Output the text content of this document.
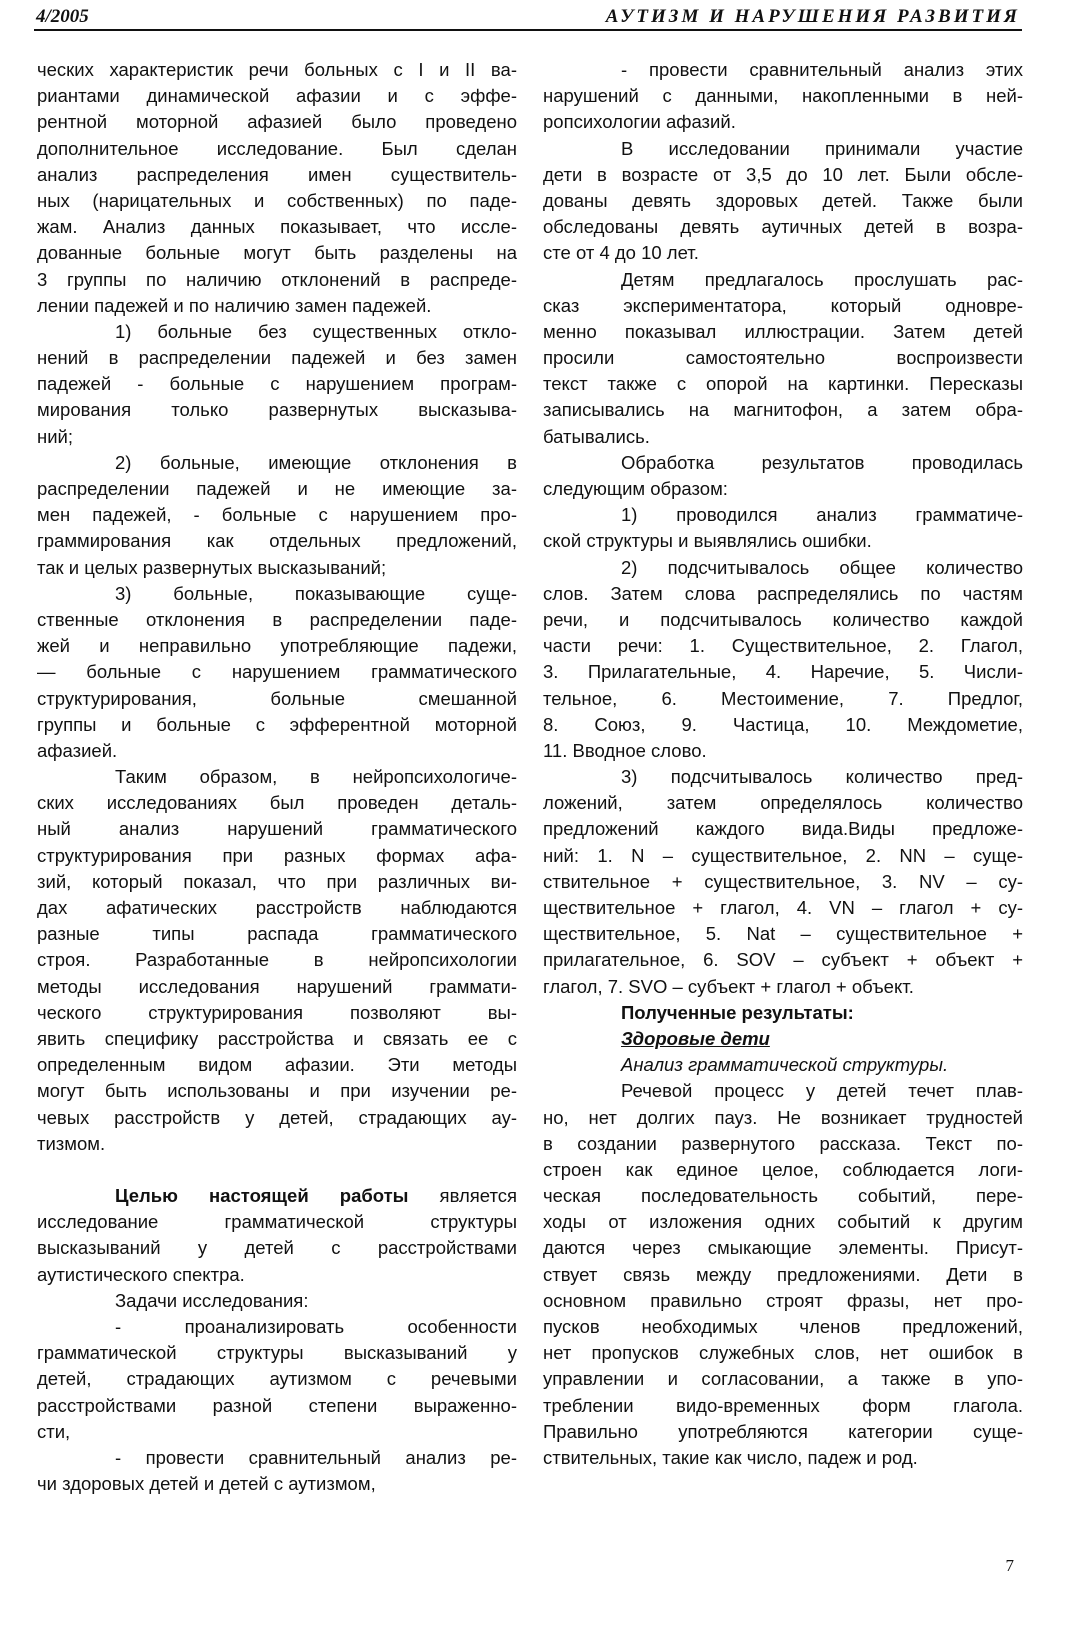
4/2005	АУТИЗМ И НАРУШЕНИЯ РАЗВИТИЯ
ческих характеристик речи больных с I и II ва-
риантами динамической афазии и с эффе-
рентной моторной афазией было проведено
дополнительное исследование. Был сделан
анализ распределения имен существитель-
ных (нарицательных и собственных) по паде-
жам. Анализ данных показывает, что иссле-
дованные больные могут быть разделены на
3 группы по наличию отклонений в распреде-
лении падежей и по наличию замен падежей.
1) больные без существенных откло-
нений в распределении падежей и без замен
падежей - больные с нарушением програм-
мирования только развернутых высказыва-
ний;
2) больные, имеющие отклонения в
распределении падежей и не имеющие за-
мен падежей, - больные с нарушением про-
граммирования как отдельных предложений,
так и целых развернутых высказываний;
3) больные, показывающие суще-
ственные отклонения в распределении паде-
жей и неправильно употребляющие падежи,
— больные с нарушением грамматического
структурирования, больные смешанной
группы и больные с эфферентной моторной
афазией.
Таким образом, в нейропсихологиче-
ских исследованиях был проведен деталь-
ный анализ нарушений грамматического
структурирования при разных формах афа-
зий, который показал, что при различных ви-
дах афатических расстройств наблюдаются
разные типы распада грамматического
строя. Разработанные в нейропсихологии
методы исследования нарушений граммати-
ческого структурирования позволяют вы-
явить специфику расстройства и связать ее с
определенным видом афазии. Эти методы
могут быть использованы и при изучении ре-
чевых расстройств у детей, страдающих ау-
тизмом.
Целью настоящей работы является
исследование грамматической структуры
высказываний у детей с расстройствами
аутистического спектра.
Задачи исследования:
- проанализировать особенности
грамматической структуры высказываний у
детей, страдающих аутизмом с речевыми
расстройствами разной степени выраженно-
сти,
- провести сравнительный анализ ре-
чи здоровых детей и детей с аутизмом,
- провести сравнительный анализ этих
нарушений с данными, накопленными в ней-
ропсихологии афазий.
В исследовании принимали участие
дети в возрасте от 3,5 до 10 лет. Были обсле-
дованы девять здоровых детей. Также были
обследованы девять аутичных детей в возра-
сте от 4 до 10 лет.
Детям предлагалось прослушать рас-
сказ экспериментатора, который одновре-
менно показывал иллюстрации. Затем детей
просили самостоятельно воспроизвести
текст также с опорой на картинки. Пересказы
записывались на магнитофон, а затем обра-
батывались.
Обработка результатов проводилась
следующим образом:
1) проводился анализ грамматиче-
ской структуры и выявлялись ошибки.
2) подсчитывалось общее количество
слов. Затем слова распределялись по частям
речи, и подсчитывалось количество каждой
части речи: 1. Существительное, 2. Глагол,
3. Прилагательные, 4. Наречие, 5. Числи-
тельное, 6. Местоимение, 7. Предлог,
8. Союз, 9. Частица, 10. Междометие,
11. Вводное слово.
3) подсчитывалось количество пред-
ложений, затем определялось количество
предложений каждого вида.Виды предложе-
ний: 1. N – существительное, 2. NN – суще-
ствительное + существительное, 3. NV – су-
ществительное + глагол, 4. VN – глагол + су-
ществительное, 5. Nat – существительное +
прилагательное, 6. SOV – субъект + объект +
глагол, 7. SVO – субъект + глагол + объект.
Полученные результаты:
Здоровые дети
Анализ грамматической структуры.
Речевой процесс у детей течет плав-
но, нет долгих пауз. Не возникает трудностей
в создании развернутого рассказа. Текст по-
строен как единое целое, соблюдается логи-
ческая последовательность событий, пере-
ходы от изложения одних событий к другим
даются через смыкающие элементы. Присут-
ствует связь между предложениями. Дети в
основном правильно строят фразы, нет про-
пусков необходимых членов предложений,
нет пропусков служебных слов, нет ошибок в
управлении и согласовании, а также в упо-
треблении видо-временных форм глагола.
Правильно употребляются категории суще-
ствительных, такие как число, падеж и род.
7
